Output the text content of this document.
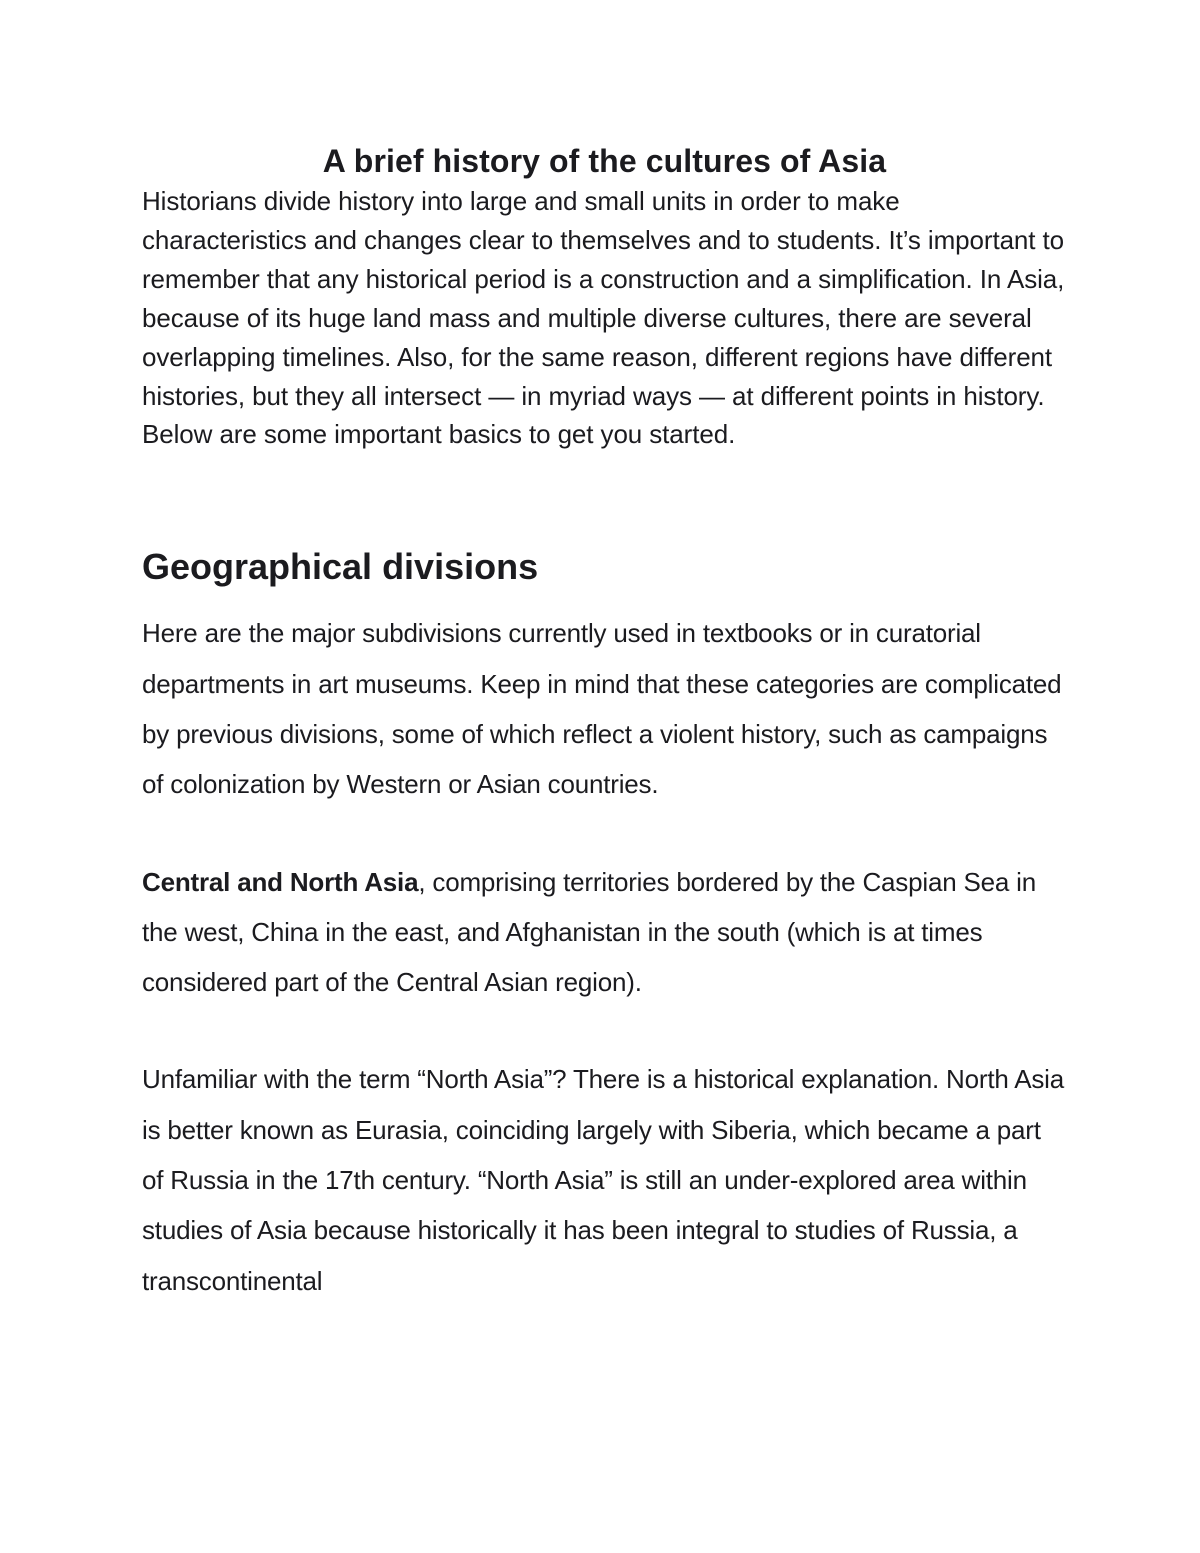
A brief history of the cultures of Asia

Historians divide history into large and small units in order to make characteristics and changes clear to themselves and to students. It’s important to remember that any historical period is a construction and a simplification. In Asia, because of its huge land mass and multiple diverse cultures, there are several overlapping timelines. Also, for the same reason, different regions have different histories, but they all intersect — in myriad ways — at different points in history. Below are some important basics to get you started.

Geographical divisions

Here are the major subdivisions currently used in textbooks or in curatorial departments in art museums. Keep in mind that these categories are complicated by previous divisions, some of which reflect a violent history, such as campaigns of colonization by Western or Asian countries.

Central and North Asia, comprising territories bordered by the Caspian Sea in the west, China in the east, and Afghanistan in the south (which is at times considered part of the Central Asian region).

Unfamiliar with the term “North Asia”? There is a historical explanation. North Asia is better known as Eurasia, coinciding largely with Siberia, which became a part of Russia in the 17th century. “North Asia” is still an under-explored area within studies of Asia because historically it has been integral to studies of Russia, a transcontinental
